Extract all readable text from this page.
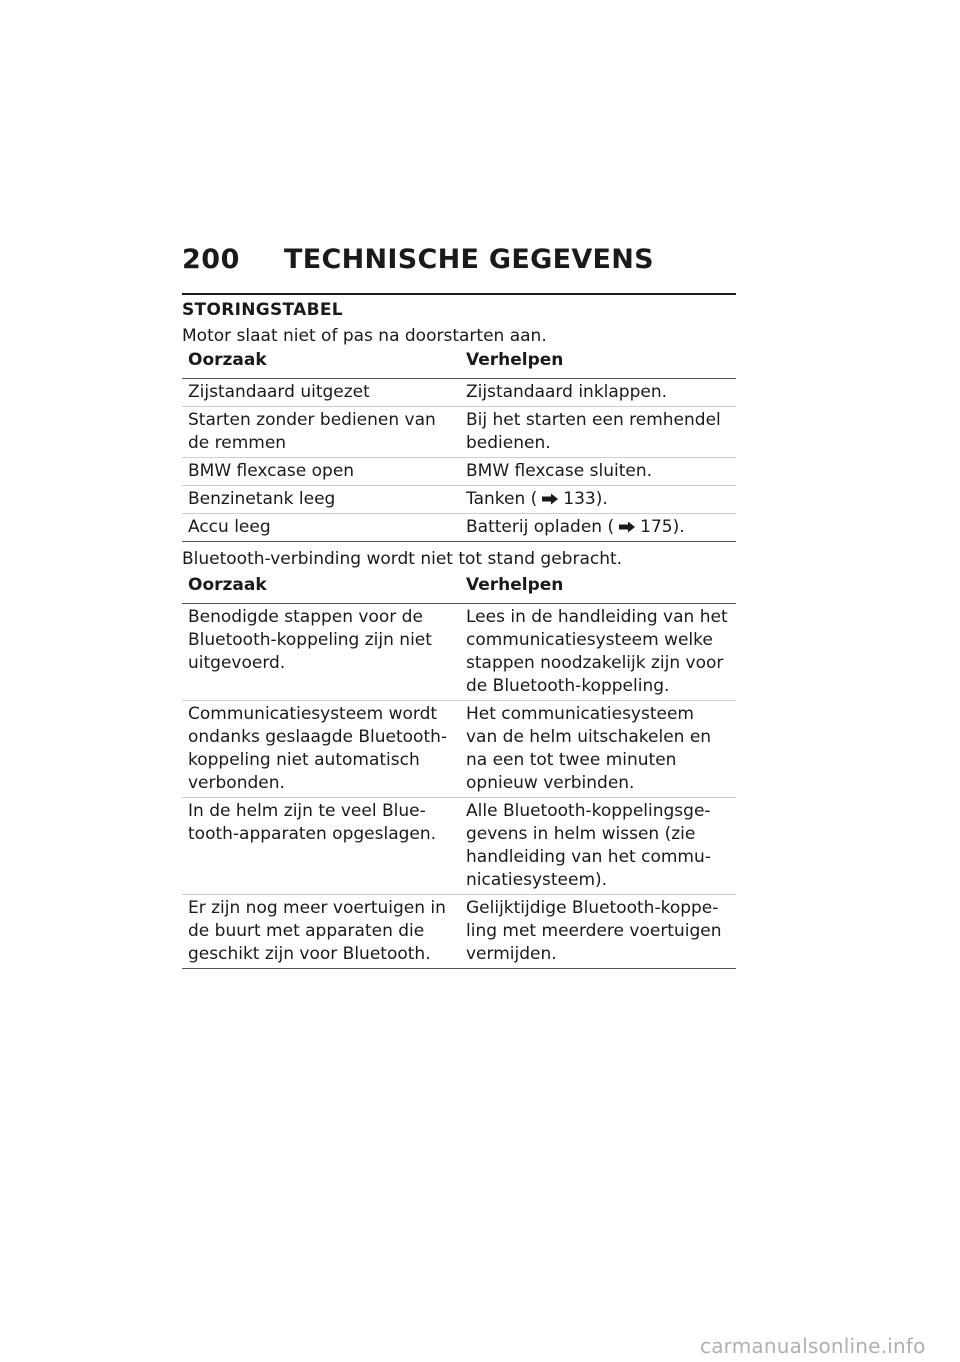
200 TECHNISCHE GEGEVENS
STORINGSTABEL
Motor slaat niet of pas na doorstarten aan.
Oorzaak	Verhelpen
Zijstandaard uitgezet	Zijstandaard inklappen.
Starten zonder bedienen van de remmen	Bij het starten een remhendel bedienen.
BMW flexcase open	BMW flexcase sluiten.
Benzinetank leeg	Tanken ( 133).
Accu leeg	Batterij opladen ( 175).
Bluetooth-verbinding wordt niet tot stand gebracht.
Oorzaak	Verhelpen
Benodigde stappen voor de Bluetooth-koppeling zijn niet uitgevoerd.	Lees in de handleiding van het communicatiesysteem welke stappen noodzakelijk zijn voor de Bluetooth-koppeling.
Communicatiesysteem wordt ondanks geslaagde Bluetooth-koppeling niet automatisch verbonden.	Het communicatiesysteem van de helm uitschakelen en na een tot twee minuten opnieuw verbinden.
In de helm zijn te veel Blue-tooth-apparaten opgeslagen.	Alle Bluetooth-koppelingsge-gevens in helm wissen (zie handleiding van het commu-nicatiesysteem).
Er zijn nog meer voertuigen in de buurt met apparaten die geschikt zijn voor Bluetooth.	Gelijktijdige Bluetooth-koppe-ling met meerdere voertuigen vermijden.
carmanualsonline.info
